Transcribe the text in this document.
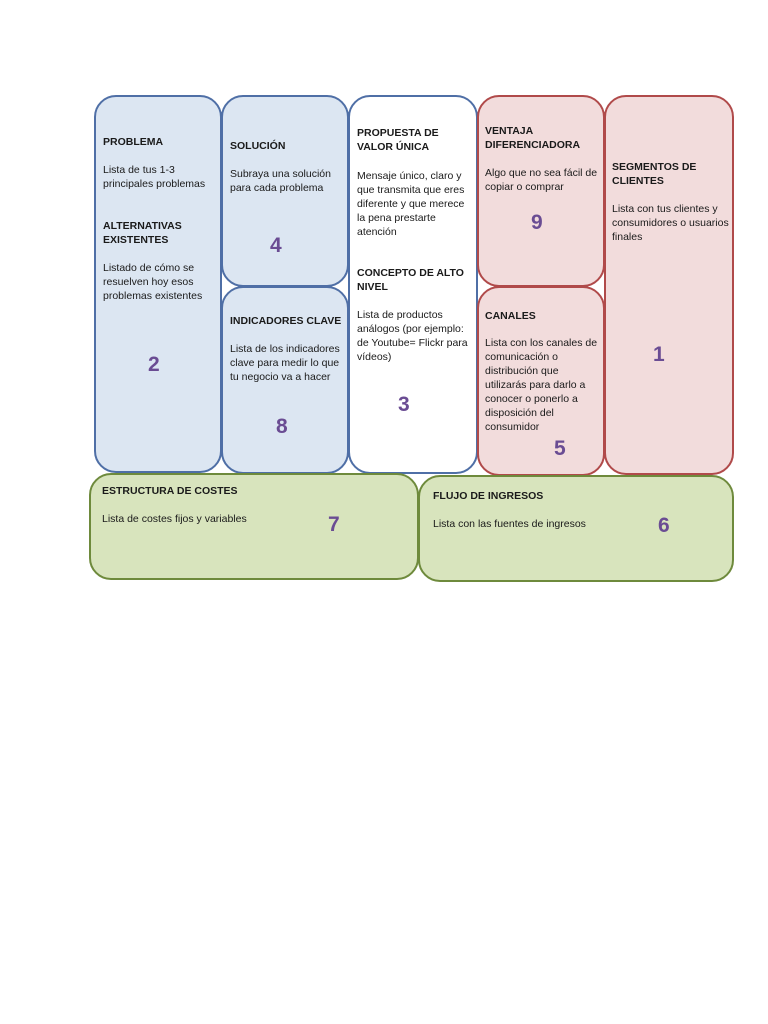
PROBLEMA
Lista de tus 1-3 principales problemas
ALTERNATIVAS EXISTENTES
Listado de cómo se resuelven hoy esos problemas existentes
2
SOLUCIÓN
Subraya una solución para cada problema
4
INDICADORES CLAVE
Lista de los indicadores clave para medir lo que tu negocio va a hacer
8
PROPUESTA DE VALOR ÚNICA
Mensaje único, claro y que transmita que eres diferente y que merece la pena prestarte atención
CONCEPTO DE ALTO NIVEL
Lista de productos análogos (por ejemplo: de Youtube= Flickr para vídeos)
3
VENTAJA DIFERENCIADORA
Algo que no sea fácil de copiar o comprar
9
CANALES
Lista con los canales de comunicación o distribución que utilizarás para darlo a conocer o ponerlo a disposición del consumidor
5
SEGMENTOS DE CLIENTES
Lista con tus clientes y consumidores o usuarios finales
1
ESTRUCTURA DE COSTES
Lista de costes fijos y variables	7
FLUJO DE INGRESOS
Lista con las fuentes de ingresos	6
